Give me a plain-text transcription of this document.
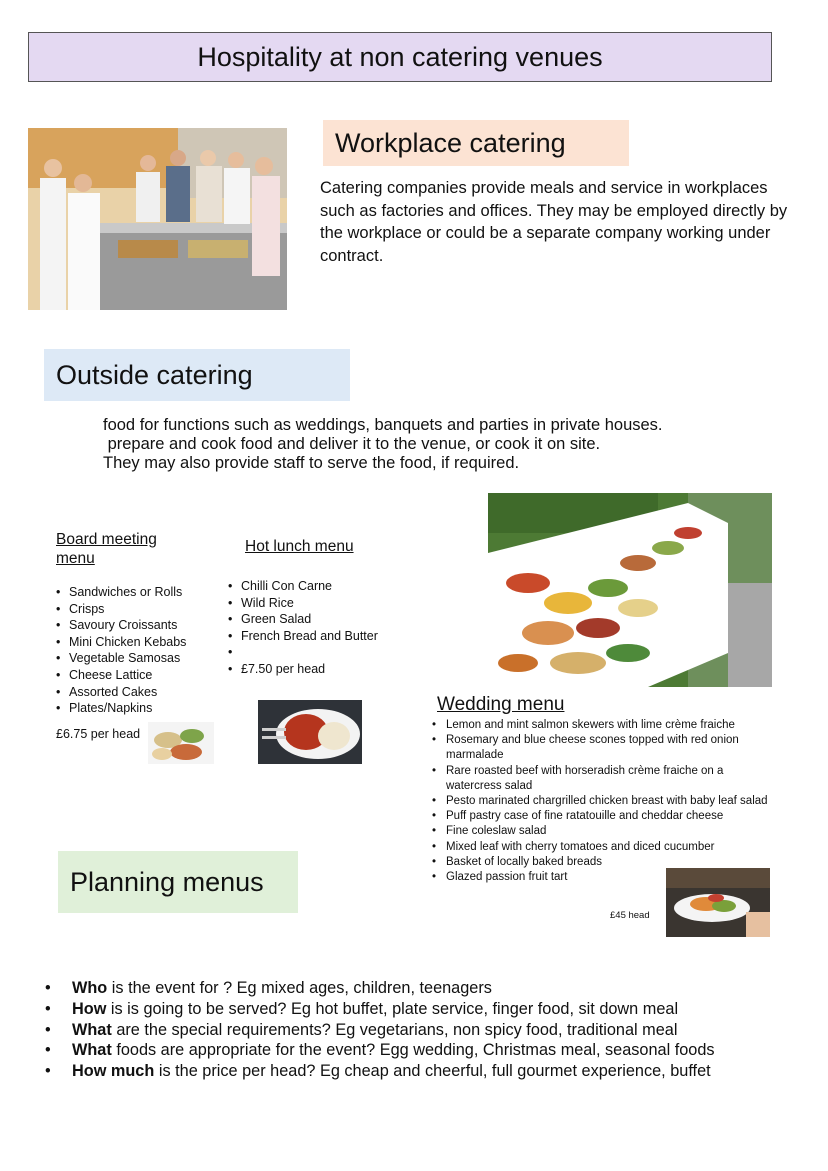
Hospitality at non catering venues
Workplace catering
Catering companies provide meals and service in workplaces such as factories and offices. They may be employed directly by the workplace or could be a separate company working under contract.
Outside catering
food for functions such as weddings, banquets and parties in private houses.
prepare and cook food and deliver it to the venue, or cook it on site.
They may also provide staff to serve the food, if required.
Board meeting
menu
• Sandwiches or Rolls
• Crisps
• Savoury Croissants
• Mini Chicken Kebabs
• Vegetable Samosas
• Cheese Lattice
• Assorted Cakes
• Plates/Napkins
£6.75 per head
Hot lunch menu
• Chilli Con Carne
• Wild Rice
• Green Salad
• French Bread and Butter
•
• £7.50 per head
Wedding menu
• Lemon and mint salmon skewers with lime crème fraiche
• Rosemary and blue cheese scones topped with red onion marmalade
• Rare roasted beef with horseradish crème fraiche on a watercress salad
• Pesto marinated chargrilled chicken breast with baby leaf salad
• Puff pastry case of fine ratatouille and cheddar cheese
• Fine coleslaw salad
• Mixed leaf with cherry tomatoes and diced cucumber
• Basket of locally baked breads
• Glazed passion fruit tart
£45 head
Planning menus
• Who is the event for ? Eg mixed ages, children, teenagers
• How is is going to be served? Eg hot buffet, plate service, finger food, sit down meal
• What are the special requirements? Eg vegetarians, non spicy food, traditional meal
• What foods are appropriate for the event? Egg wedding, Christmas meal, seasonal foods
• How much is the price per head? Eg cheap and cheerful, full gourmet experience, buffet
